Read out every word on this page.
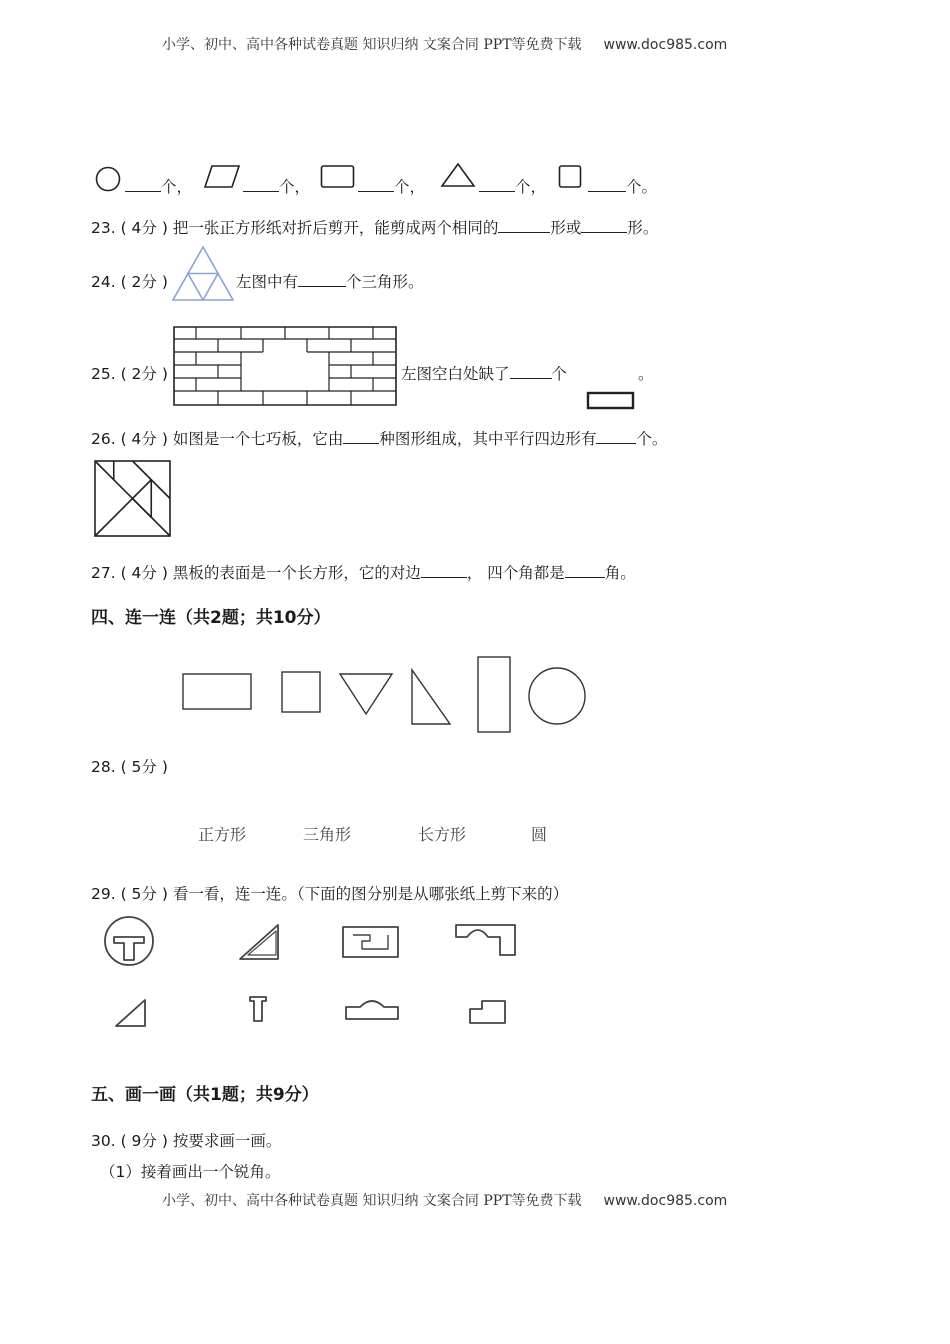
小学、初中、高中各种试卷真题 知识归纳 文案合同 PPT等免费下载 www.doc985.com
个，	个，	个，	个，	个。
23. ( 4分 ) 把一张正方形纸对折后剪开，能剪成两个相同的	形或	形。
24. ( 2分 )	左图中有	个三角形。
25. ( 2分 )	左图空白处缺了	个	。
26. ( 4分 ) 如图是一个七巧板，它由 种图形组成，其中平行四边形有	个。
27. ( 4分 ) 黑板的表面是一个长方形，它的对边	， 四个角都是	角。
四、连一连（共2题；共10分）
28. ( 5分 )
正方形	三角形	长方形	圆
29. ( 5分 ) 看一看，连一连。（下面的图分别是从哪张纸上剪下来的）
五、画一画（共1题；共9分）
30. ( 9分 ) 按要求画一画。
（1）接着画出一个锐角。
小学、初中、高中各种试卷真题 知识归纳 文案合同 PPT等免费下载 www.doc985.com
